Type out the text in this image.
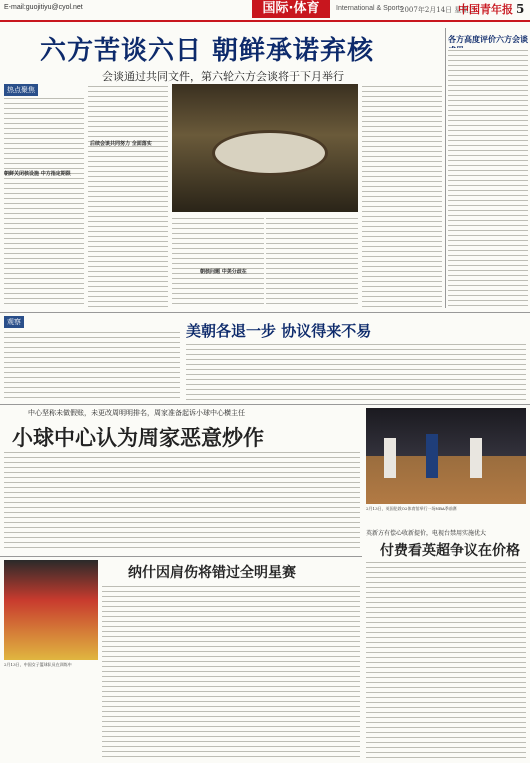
E-mail:guojitiyu@cyol.net	国际·体育	International & Sports
2007年2月14日 星期三
中国青年报 5
六方苦谈六日 朝鲜承诺弃核
会谈通过共同文件，第六轮六方会谈将于下月举行
热点聚焦
朝鲜关闭核设施 中方指定期限
后续会谈共同努力 全面落实
朝核问题 中美分歧在
各方高度评价六方会谈
观察	美朝各退一步 协议得来不易
中心坚称未做假账，未更改周明明排名，周家准备起诉小球中心横主任
小球中心认为周家恶意炒作
2月13日，英国伦敦O2体育馆举行一场NBA季前赛
英新方有偿心收新提价，电视台禁用实施优大
付费看英超争议在价格
2月13日，中国女子篮球队员在训练中
纳什因肩伤将错过全明星赛
